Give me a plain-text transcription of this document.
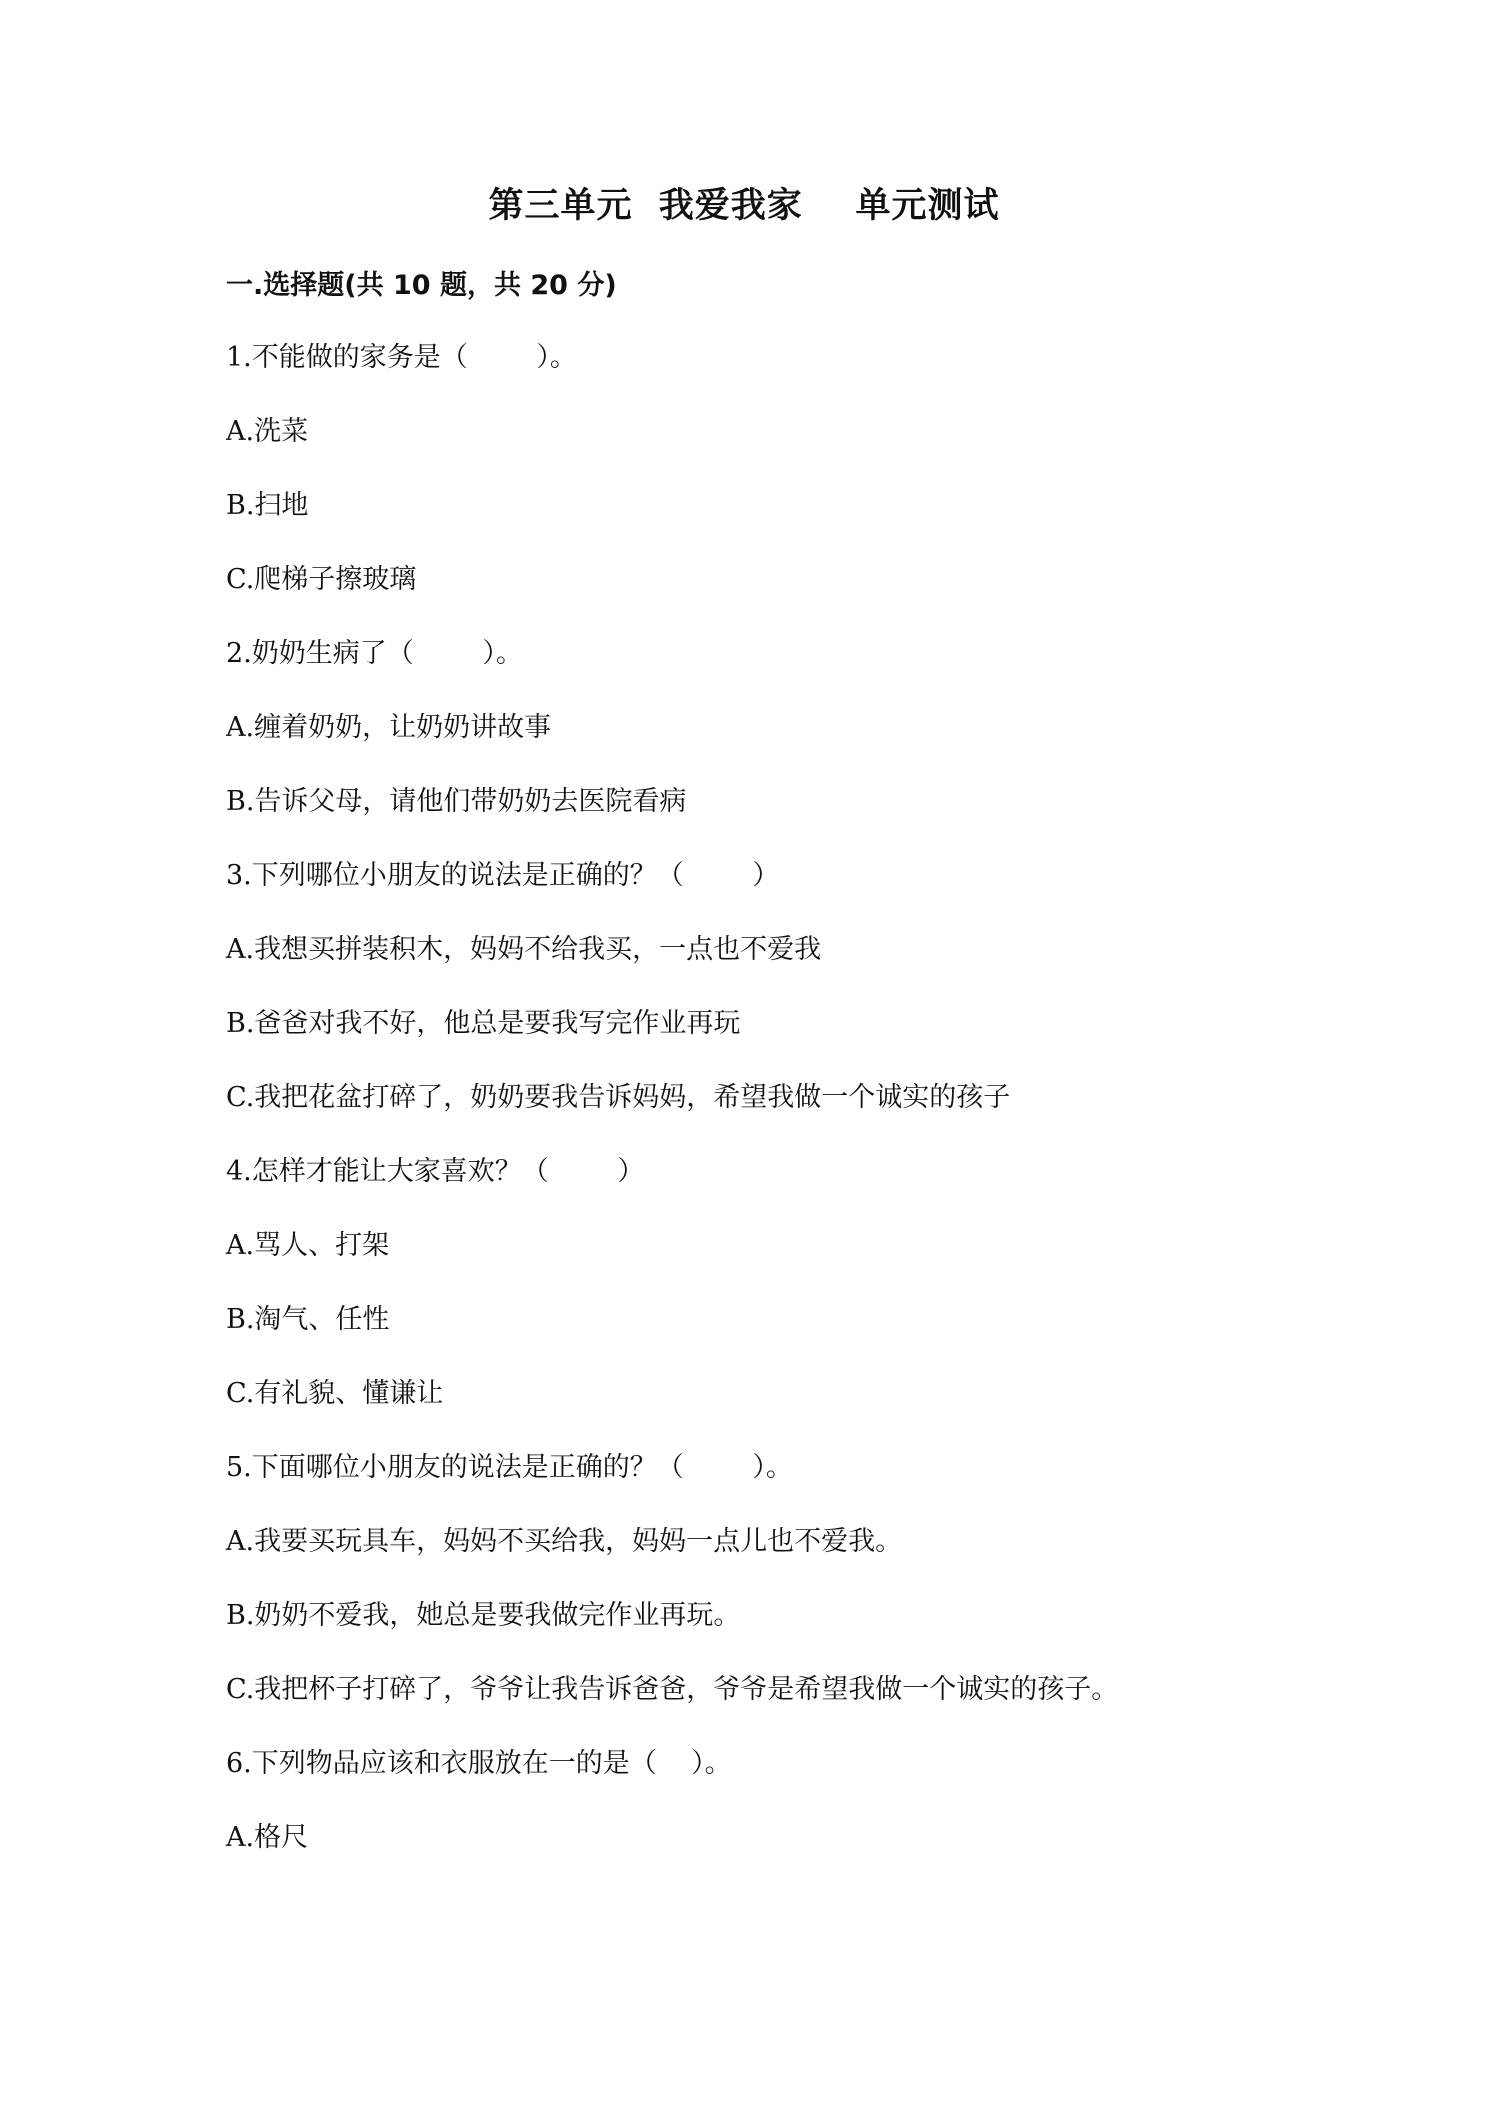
第三单元  我爱我家    单元测试
一.选择题(共 10 题，共 20 分)
1.不能做的家务是（        ）。
A.洗菜
B.扫地
C.爬梯子擦玻璃
2.奶奶生病了（        ）。
A.缠着奶奶，让奶奶讲故事
B.告诉父母，请他们带奶奶去医院看病
3.下列哪位小朋友的说法是正确的？（        ）
A.我想买拼装积木，妈妈不给我买，一点也不爱我
B.爸爸对我不好，他总是要我写完作业再玩
C.我把花盆打碎了，奶奶要我告诉妈妈，希望我做一个诚实的孩子
4.怎样才能让大家喜欢？（        ）
A.骂人、打架
B.淘气、任性
C.有礼貌、懂谦让
5.下面哪位小朋友的说法是正确的？（        ）。
A.我要买玩具车，妈妈不买给我，妈妈一点儿也不爱我。
B.奶奶不爱我，她总是要我做完作业再玩。
C.我把杯子打碎了，爷爷让我告诉爸爸，爷爷是希望我做一个诚实的孩子。
6.下列物品应该和衣服放在一的是（    ）。
A.格尺
